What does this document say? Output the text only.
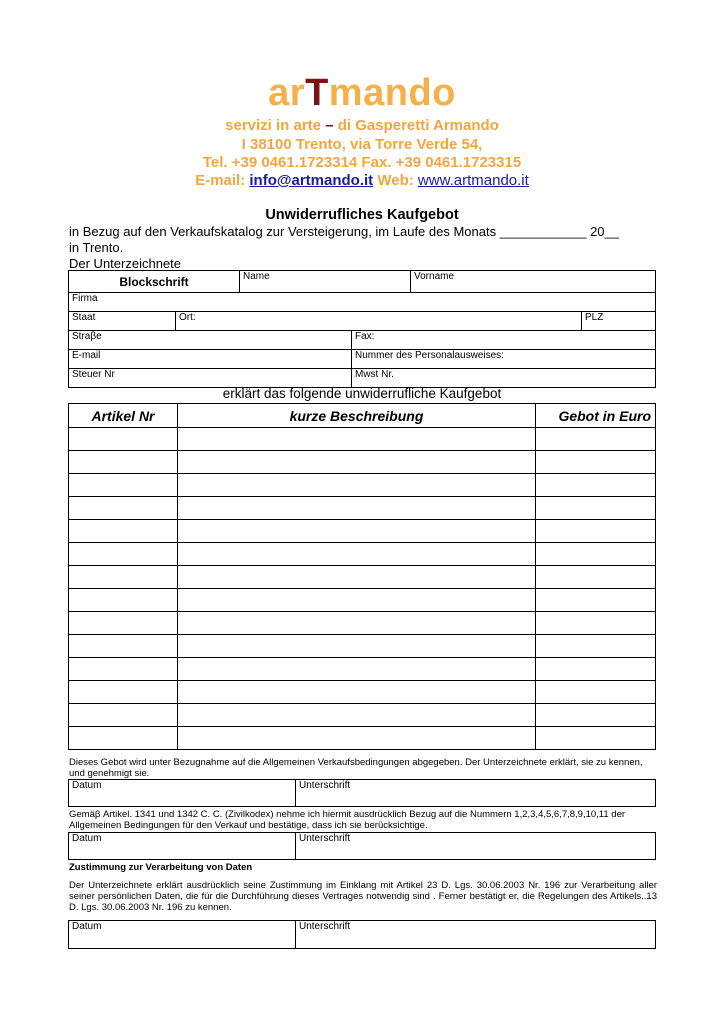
arTmando
servizi in arte – di Gasperetti Armando
I 38100 Trento, via Torre Verde 54,
Tel. +39 0461.1723314 Fax. +39 0461.1723315
E-mail: info@artmando.it Web: www.artmando.it
Unwiderrufliches Kaufgebot
in Bezug auf den Verkaufskatalog zur Versteigerung, im Laufe des Monats ____________ 20__
in Trento.
Der Unterzeichnete
Blockschrift	Name	Vorname
Firma
Staat	Ort:	PLZ
Straβe	Fax:
E-mail	Nummer des Personalausweises:
Steuer Nr	Mwst Nr.
erklärt das folgende unwiderrufliche Kaufgebot
Artikel Nr	kurze Beschreibung	Gebot in Euro

Dieses Gebot wird unter Bezugnahme auf die Allgemeinen Verkaufsbedingungen abgegeben. Der Unterzeichnete erklärt, sie zu kennen, und genehmigt sie.
Datum	Unterschrift
Gemäβ Artikel. 1341 und 1342 C. C. (Zivilkodex) nehme ich hiermit ausdrücklich Bezug auf die Nummern 1,2,3,4,5,6,7,8,9,10,11 der Allgemeinen Bedingungen für den Verkauf und bestätige, dass ich sie berücksichtige.
Datum	Unterschrift
Zustimmung zur Verarbeitung von Daten
Der Unterzeichnete erklärt ausdrücklich seine Zustimmung im Einklang mit Artikel 23 D. Lgs. 30.06.2003 Nr. 196 zur Verarbeitung aller seiner persönlichen Daten, die für die Durchführung dieses Vertrages notwendig sind . Ferner bestätigt er, die Regelungen des Artikels..13 D. Lgs. 30.06.2003 Nr. 196 zu kennen.
Datum	Unterschrift
